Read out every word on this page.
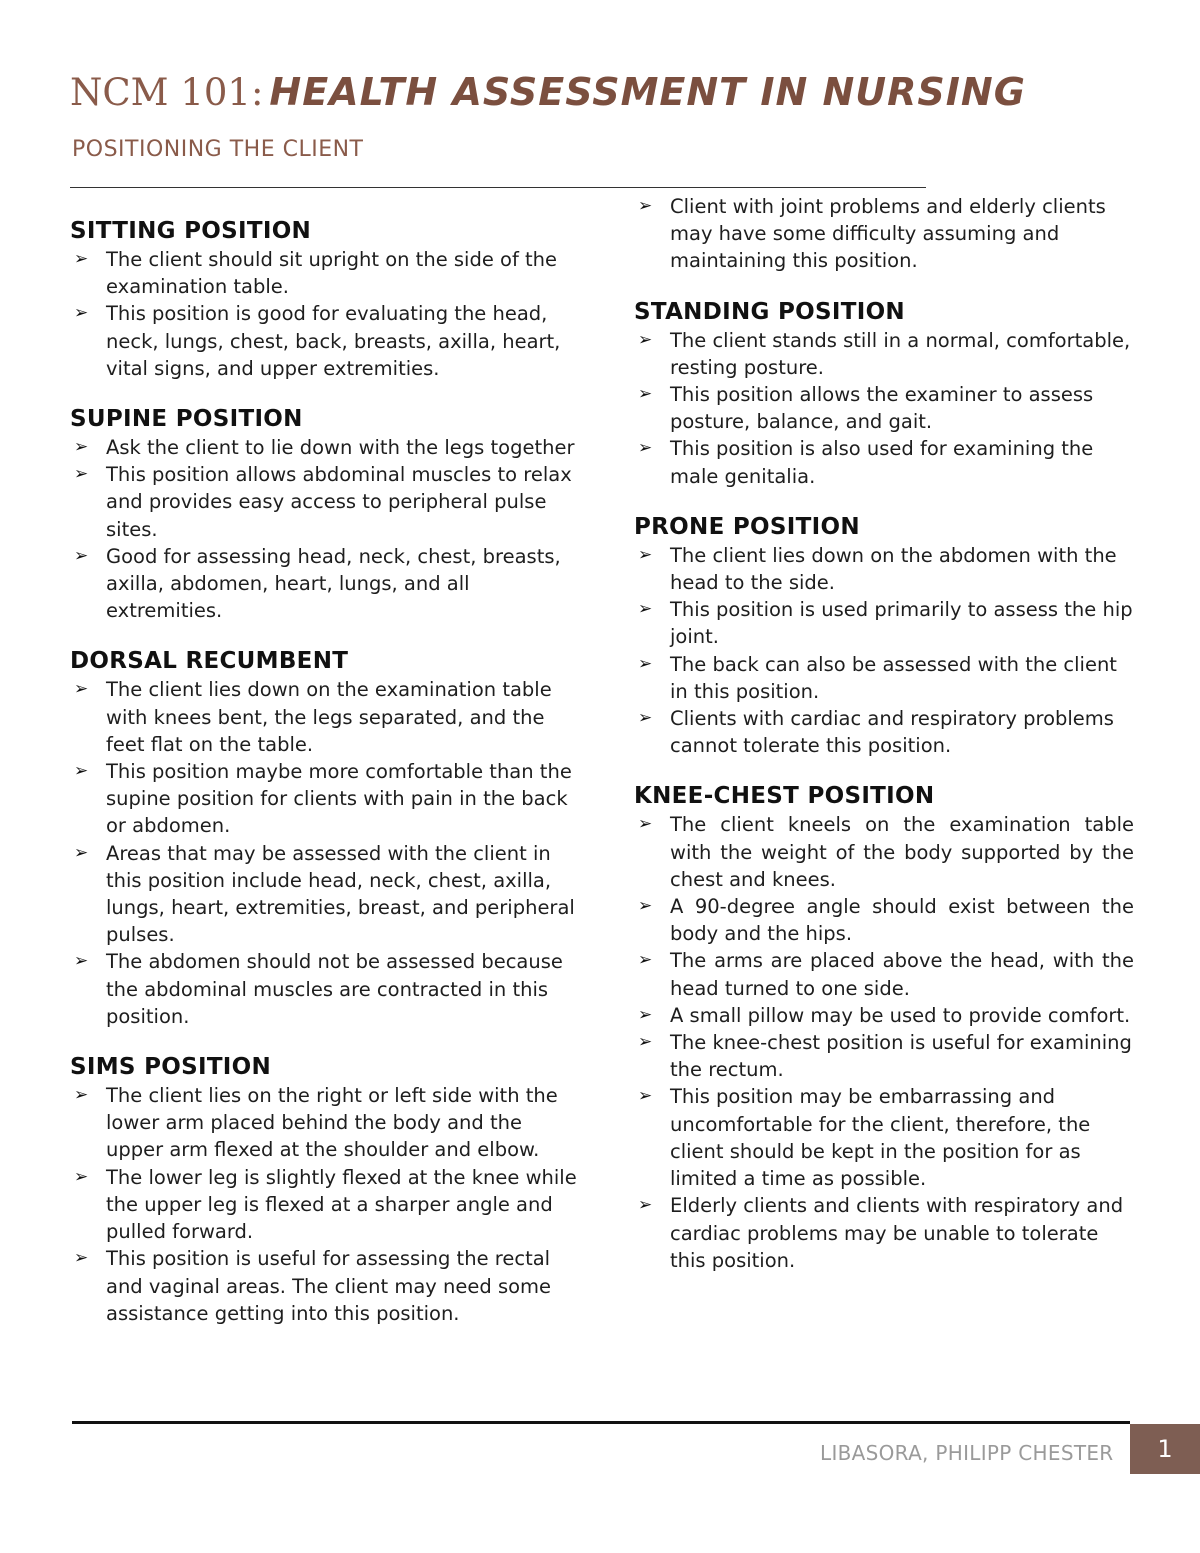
NCM 101: HEALTH ASSESSMENT IN NURSING
POSITIONING THE CLIENT
SITTING POSITION
➢ The client should sit upright on the side of the examination table.
➢ This position is good for evaluating the head, neck, lungs, chest, back, breasts, axilla, heart, vital signs, and upper extremities.
SUPINE POSITION
➢ Ask the client to lie down with the legs together
➢ This position allows abdominal muscles to relax and provides easy access to peripheral pulse sites.
➢ Good for assessing head, neck, chest, breasts, axilla, abdomen, heart, lungs, and all extremities.
DORSAL RECUMBENT
➢ The client lies down on the examination table with knees bent, the legs separated, and the feet flat on the table.
➢ This position maybe more comfortable than the supine position for clients with pain in the back or abdomen.
➢ Areas that may be assessed with the client in this position include head, neck, chest, axilla, lungs, heart, extremities, breast, and peripheral pulses.
➢ The abdomen should not be assessed because the abdominal muscles are contracted in this position.
SIMS POSITION
➢ The client lies on the right or left side with the lower arm placed behind the body and the upper arm flexed at the shoulder and elbow.
➢ The lower leg is slightly flexed at the knee while the upper leg is flexed at a sharper angle and pulled forward.
➢ This position is useful for assessing the rectal and vaginal areas. The client may need some assistance getting into this position.
➢ Client with joint problems and elderly clients may have some difficulty assuming and maintaining this position.
STANDING POSITION
➢ The client stands still in a normal, comfortable, resting posture.
➢ This position allows the examiner to assess posture, balance, and gait.
➢ This position is also used for examining the male genitalia.
PRONE POSITION
➢ The client lies down on the abdomen with the head to the side.
➢ This position is used primarily to assess the hip joint.
➢ The back can also be assessed with the client in this position.
➢ Clients with cardiac and respiratory problems cannot tolerate this position.
KNEE-CHEST POSITION
➢ The client kneels on the examination table with the weight of the body supported by the chest and knees.
➢ A 90-degree angle should exist between the body and the hips.
➢ The arms are placed above the head, with the head turned to one side.
➢ A small pillow may be used to provide comfort.
➢ The knee-chest position is useful for examining the rectum.
➢ This position may be embarrassing and uncomfortable for the client, therefore, the client should be kept in the position for as limited a time as possible.
➢ Elderly clients and clients with respiratory and cardiac problems may be unable to tolerate this position.
LIBASORA, PHILIPP CHESTER 1
